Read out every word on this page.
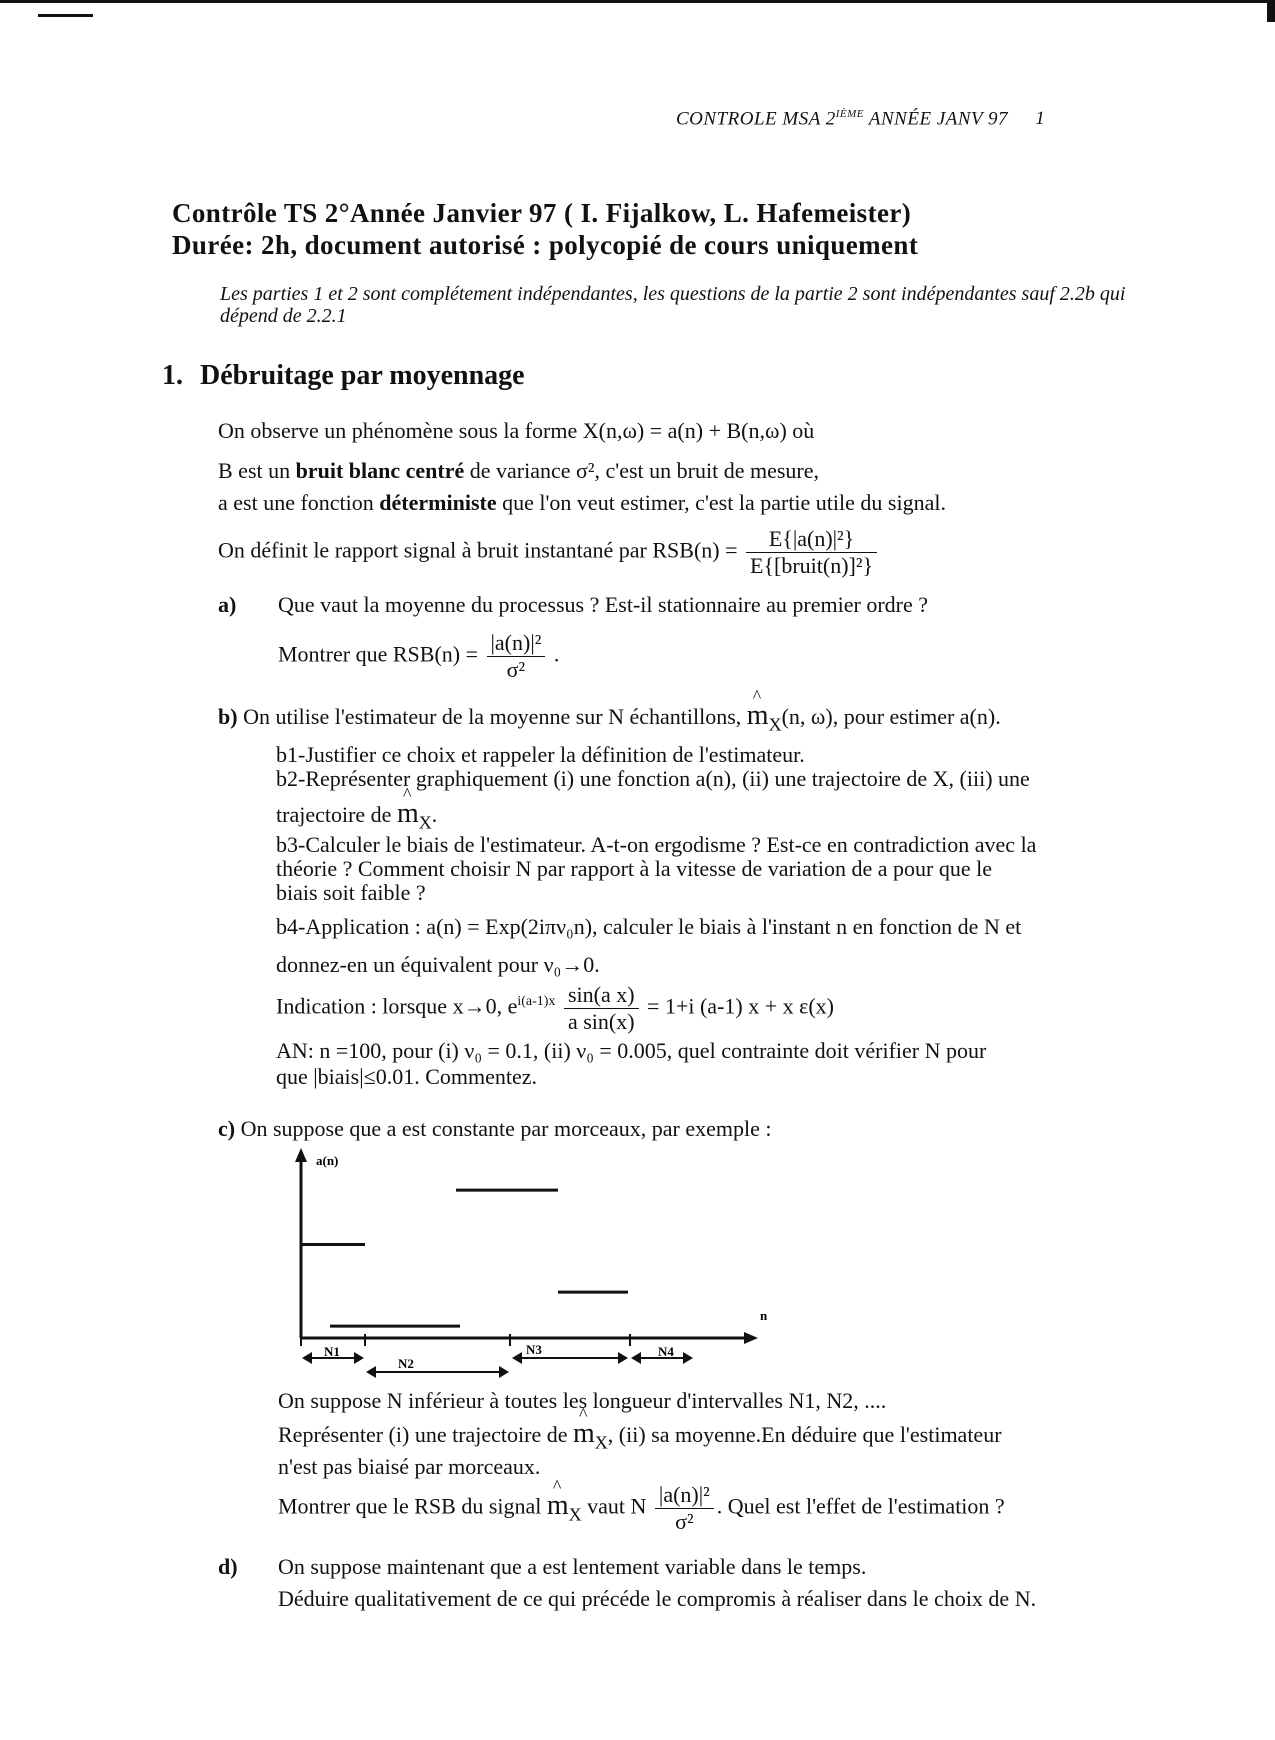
CONTROLE MSA 2IÈME ANNÉE JANV 97 1
Contrôle TS 2°Année Janvier 97 ( I. Fijalkow, L. Hafemeister)
Durée: 2h, document autorisé : polycopié de cours uniquement
Les parties 1 et 2 sont complétement indépendantes, les questions de la partie 2 sont indépendantes sauf 2.2b qui dépend de 2.2.1
1. Débruitage par moyennage
On observe un phénomène sous la forme X(n,ω) = a(n) + B(n,ω) où
B est un bruit blanc centré de variance σ², c'est un bruit de mesure,
a est une fonction déterministe que l'on veut estimer, c'est la partie utile du signal.
On définit le rapport signal à bruit instantané par $RSB(n) = \frac{\text{E\{|a(n)|²\}}}{\text{E\{[bruit(n)]²\}}}$
a) Que vaut la moyenne du processus ? Est-il stationnaire au premier ordre ?
Montrer que $RSB(n) = \frac{\text{|a(n)|²}}{\text{σ²}}$ .
b) On utilise l'estimateur de la moyenne sur N échantillons, ^ $m_X(n$, ω), pour estimer a(n).
b1-Justifier ce choix et rappeler la définition de l'estimateur.
b2-Représenter graphiquement (i) une fonction a(n), (ii) une trajectoire de X, (iii) une
trajectoire de ^ $m_X$.
b3-Calculer le biais de l'estimateur. A-t-on ergodisme ? Est-ce en contradiction avec la
théorie ? Comment choisir N par rapport à la vitesse de variation de a pour que le
biais soit faible ?
b4-Application : a(n) = Exp(2iπν₀n), calculer le biais à l'instant n en fonction de N et
donnez-en un équivalent pour ν₀→0.
Indication : lorsque x→0, $e^{i(a-1)x} \frac{\text{sin(a x)}}{\text{a sin(x)}} = 1+i$ (a-1) x + x ε(x)
AN: n =100, pour (i) ν₀ = 0.1, (ii) ν₀ = 0.005, quel contrainte doit vérifier N pour
que |biais|≤0.01. Commentez.
c) On suppose que a est constante par morceaux, par exemple :
a(n)
n
N1
N2
N3	N4
On suppose N inférieur à toutes les longueur d'intervalles N1, N2, ....
Représenter (i) une trajectoire de ^ $m_X$, (ii) sa moyenne.En déduire que l'estimateur
n'est pas biaisé par morceaux.
Montrer que le RSB du signal ^ $m_X$ vaut N $\frac{\text{|a(n)|²}}{\text{σ²}}$ . Quel est l'effet de l'estimation ?
d) On suppose maintenant que a est lentement variable dans le temps.
Déduire qualitativement de ce qui précéde le compromis à réaliser dans le choix de N.
